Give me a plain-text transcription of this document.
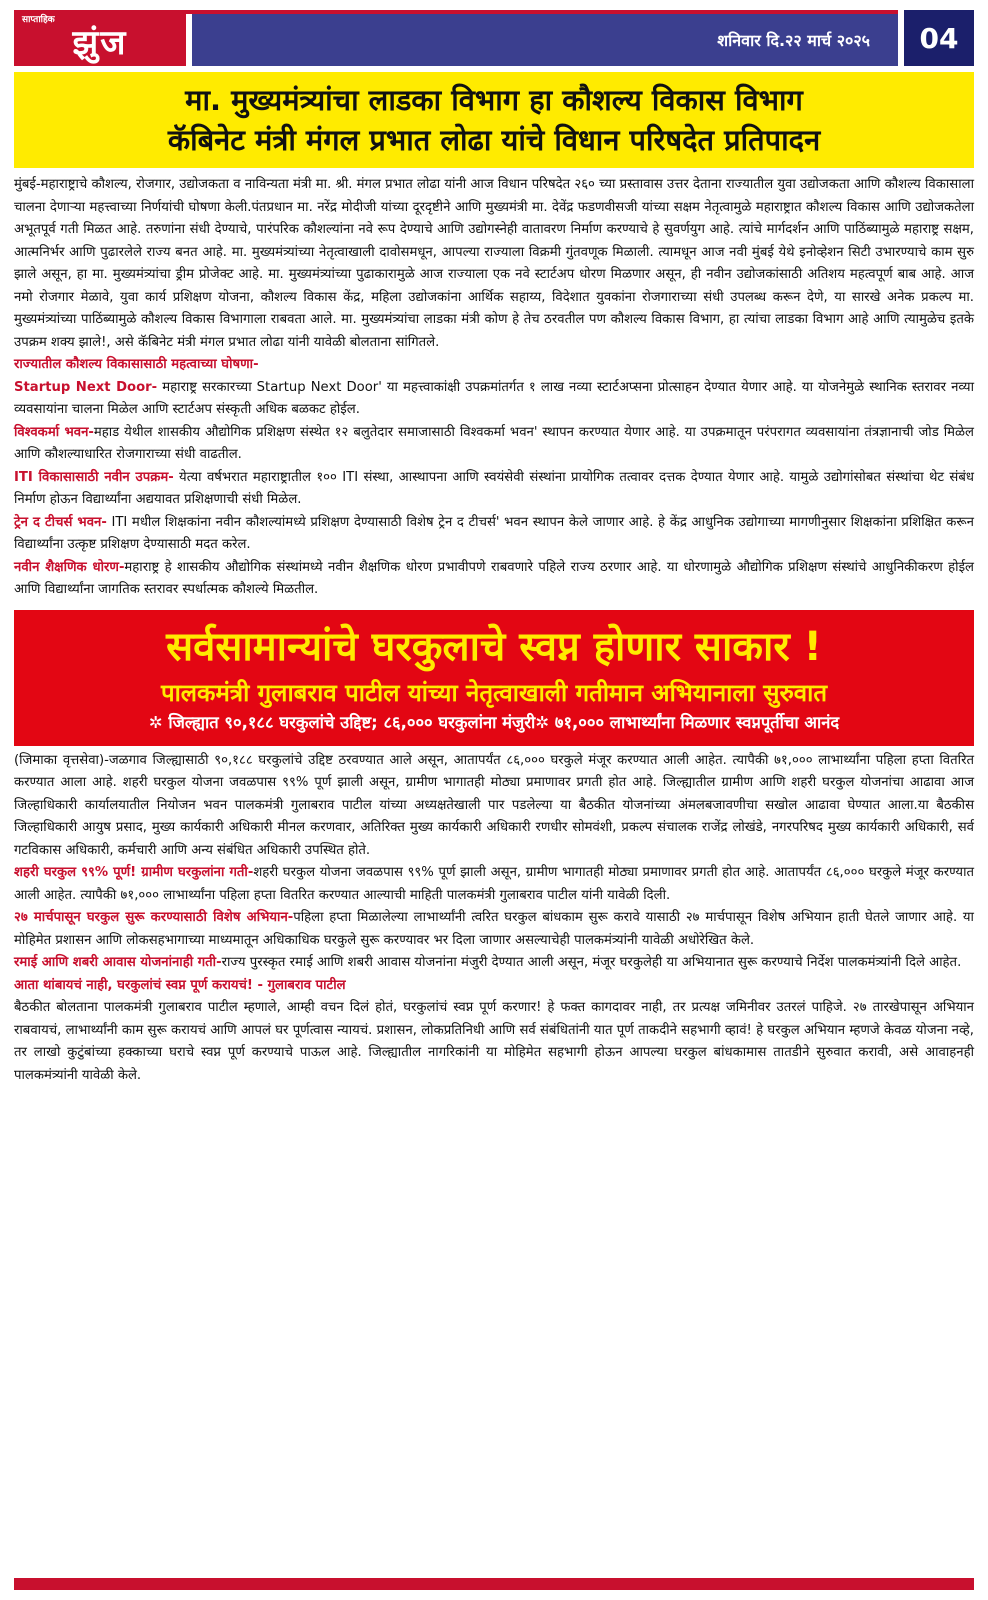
साप्ताहिक
झुंज	शनिवार दि.२२ मार्च २०२५	04
मा. मुख्यमंत्र्यांचा लाडका विभाग हा कौशल्य विकास विभाग
कॅबिनेट मंत्री मंगल प्रभात लोढा यांचे विधान परिषदेत प्रतिपादन

मुंबई-महाराष्ट्राचे कौशल्य, रोजगार, उद्योजकता व नाविन्यता मंत्री मा. श्री. मंगल प्रभात लोढा यांनी आज विधान परिषदेत २६० च्या प्रस्तावास उत्तर देताना राज्यातील युवा उद्योजकता आणि कौशल्य विकासाला चालना देणाऱ्या महत्त्वाच्या निर्णयांची घोषणा केली.पंतप्रधान मा. नरेंद्र मोदीजी यांच्या दूरदृष्टीने आणि मुख्यमंत्री मा. देवेंद्र फडणवीसजी यांच्या सक्षम नेतृत्वामुळे महाराष्ट्रात कौशल्य विकास आणि उद्योजकतेला अभूतपूर्व गती मिळत आहे. तरुणांना संधी देण्याचे, पारंपरिक कौशल्यांना नवे रूप देण्याचे आणि उद्योगस्नेही वातावरण निर्माण करण्याचे हे सुवर्णयुग आहे. त्यांचे मार्गदर्शन आणि पाठिंब्यामुळे महाराष्ट्र सक्षम, आत्मनिर्भर आणि पुढारलेले राज्य बनत आहे. मा. मुख्यमंत्र्यांच्या नेतृत्वाखाली दावोसमधून, आपल्या राज्याला विक्रमी गुंतवणूक मिळाली. त्यामधून आज नवी मुंबई येथे इनोव्हेशन सिटी उभारण्याचे काम सुरु झाले असून, हा मा. मुख्यमंत्र्यांचा ड्रीम प्रोजेक्ट आहे. मा. मुख्यमंत्र्यांच्या पुढाकारामुळे आज राज्याला एक नवे स्टार्टअप धोरण मिळणार असून, ही नवीन उद्योजकांसाठी अतिशय महत्वपूर्ण बाब आहे. आज नमो रोजगार मेळावे, युवा कार्य प्रशिक्षण योजना, कौशल्य विकास केंद्र, महिला उद्योजकांना आर्थिक सहाय्य, विदेशात युवकांना रोजगाराच्या संधी उपलब्ध करून देणे, या सारखे अनेक प्रकल्प मा. मुख्यमंत्र्यांच्या पाठिंब्यामुळे कौशल्य विकास विभागाला राबवता आले. मा. मुख्यमंत्र्यांचा लाडका मंत्री कोण हे तेच ठरवतील पण कौशल्य विकास विभाग, हा त्यांचा लाडका विभाग आहे आणि त्यामुळेच इतके उपक्रम शक्य झाले!, असे कॅबिनेट मंत्री मंगल प्रभात लोढा यांनी यावेळी बोलताना सांगितले.

राज्यातील कौशल्य विकासासाठी महत्वाच्या घोषणा-

Startup Next Door- महाराष्ट्र सरकारच्या Startup Next Door' या महत्त्वाकांक्षी उपक्रमांतर्गत १ लाख नव्या स्टार्टअप्सना प्रोत्साहन देण्यात येणार आहे. या योजनेमुळे स्थानिक स्तरावर नव्या व्यवसायांना चालना मिळेल आणि स्टार्टअप संस्कृती अधिक बळकट होईल.

विश्वकर्मा भवन-महाड येथील शासकीय औद्योगिक प्रशिक्षण संस्थेत १२ बलुतेदार समाजासाठी विश्वकर्मा भवन' स्थापन करण्यात येणार आहे. या उपक्रमातून परंपरागत व्यवसायांना तंत्रज्ञानाची जोड मिळेल आणि कौशल्याधारित रोजगाराच्या संधी वाढतील.

ITI विकासासाठी नवीन उपक्रम- येत्या वर्षभरात महाराष्ट्रातील १०० ITI संस्था, आस्थापना आणि स्वयंसेवी संस्थांना प्रायोगिक तत्वावर दत्तक देण्यात येणार आहे. यामुळे उद्योगांसोबत संस्थांचा थेट संबंध निर्माण होऊन विद्यार्थ्यांना अद्ययावत प्रशिक्षणाची संधी मिळेल.

ट्रेन द टीचर्स भवन- ITI मधील शिक्षकांना नवीन कौशल्यांमध्ये प्रशिक्षण देण्यासाठी विशेष ट्रेन द टीचर्स' भवन स्थापन केले जाणार आहे. हे केंद्र आधुनिक उद्योगाच्या मागणीनुसार शिक्षकांना प्रशिक्षित करून विद्यार्थ्यांना उत्कृष्ट प्रशिक्षण देण्यासाठी मदत करेल.

नवीन शैक्षणिक धोरण-महाराष्ट्र हे शासकीय औद्योगिक संस्थांमध्ये नवीन शैक्षणिक धोरण प्रभावीपणे राबवणारे पहिले राज्य ठरणार आहे. या धोरणामुळे औद्योगिक प्रशिक्षण संस्थांचे आधुनिकीकरण होईल आणि विद्यार्थ्यांना जागतिक स्तरावर स्पर्धात्मक कौशल्ये मिळतील.

सर्वसामान्यांचे घरकुलाचे स्वप्न होणार साकार !
पालकमंत्री गुलाबराव पाटील यांच्या नेतृत्वाखाली गतीमान अभियानाला सुरुवात
✲ जिल्ह्यात ९०,१८८ घरकुलांचे उद्दिष्ट; ८६,००० घरकुलांना मंजुरी✲ ७१,००० लाभार्थ्यांना मिळणार स्वप्नपूर्तीचा आनंद

(जिमाका वृत्तसेवा)-जळगाव जिल्ह्यासाठी ९०,१८८ घरकुलांचे उद्दिष्ट ठरवण्यात आले असून, आतापर्यंत ८६,००० घरकुले मंजूर करण्यात आली आहेत. त्यापैकी ७१,००० लाभार्थ्यांना पहिला हप्ता वितरित करण्यात आला आहे. शहरी घरकुल योजना जवळपास ९९% पूर्ण झाली असून, ग्रामीण भागातही मोठ्या प्रमाणावर प्रगती होत आहे. जिल्ह्यातील ग्रामीण आणि शहरी घरकुल योजनांचा आढावा आज जिल्हाधिकारी कार्यालयातील नियोजन भवन पालकमंत्री गुलाबराव पाटील यांच्या अध्यक्षतेखाली पार पडलेल्या या बैठकीत योजनांच्या अंमलबजावणीचा सखोल आढावा घेण्यात आला.या बैठकीस जिल्हाधिकारी आयुष प्रसाद, मुख्य कार्यकारी अधिकारी मीनल करणवार, अतिरिक्त मुख्य कार्यकारी अधिकारी रणधीर सोमवंशी, प्रकल्प संचालक राजेंद्र लोखंडे, नगरपरिषद मुख्य कार्यकारी अधिकारी, सर्व गटविकास अधिकारी, कर्मचारी आणि अन्य संबंधित अधिकारी उपस्थित होते.

शहरी घरकुल ९९% पूर्ण! ग्रामीण घरकुलांना गती-शहरी घरकुल योजना जवळपास ९९% पूर्ण झाली असून, ग्रामीण भागातही मोठ्या प्रमाणावर प्रगती होत आहे. आतापर्यंत ८६,००० घरकुले मंजूर करण्यात आली आहेत. त्यापैकी ७१,००० लाभार्थ्यांना पहिला हप्ता वितरित करण्यात आल्याची माहिती पालकमंत्री गुलाबराव पाटील यांनी यावेळी दिली.

२७ मार्चपासून घरकुल सुरू करण्यासाठी विशेष अभियान-पहिला हप्ता मिळालेल्या लाभार्थ्यांनी त्वरित घरकुल बांधकाम सुरू करावे यासाठी २७ मार्चपासून विशेष अभियान हाती घेतले जाणार आहे. या मोहिमेत प्रशासन आणि लोकसहभागाच्या माध्यमातून अधिकाधिक घरकुले सुरू करण्यावर भर दिला जाणार असल्याचेही पालकमंत्र्यांनी यावेळी अधोरेखित केले.

रमाई आणि शबरी आवास योजनांनाही गती-राज्य पुरस्कृत रमाई आणि शबरी आवास योजनांना मंजुरी देण्यात आली असून, मंजूर घरकुलेही या अभियानात सुरू करण्याचे निर्देश पालकमंत्र्यांनी दिले आहेत.

आता थांबायचं नाही, घरकुलांचं स्वप्न पूर्ण करायचं! - गुलाबराव पाटील

बैठकीत बोलताना पालकमंत्री गुलाबराव पाटील म्हणाले, आम्ही वचन दिलं होतं, घरकुलांचं स्वप्न पूर्ण करणार! हे फक्त कागदावर नाही, तर प्रत्यक्ष जमिनीवर उतरलं पाहिजे. २७ तारखेपासून अभियान राबवायचं, लाभार्थ्यांनी काम सुरू करायचं आणि आपलं घर पूर्णत्वास न्यायचं. प्रशासन, लोकप्रतिनिधी आणि सर्व संबंधितांनी यात पूर्ण ताकदीने सहभागी व्हावं! हे घरकुल अभियान म्हणजे केवळ योजना नव्हे, तर लाखो कुटुंबांच्या हक्काच्या घराचे स्वप्न पूर्ण करण्याचे पाऊल आहे. जिल्ह्यातील नागरिकांनी या मोहिमेत सहभागी होऊन आपल्या घरकुल बांधकामास तातडीने सुरुवात करावी, असे आवाहनही पालकमंत्र्यांनी यावेळी केले.
